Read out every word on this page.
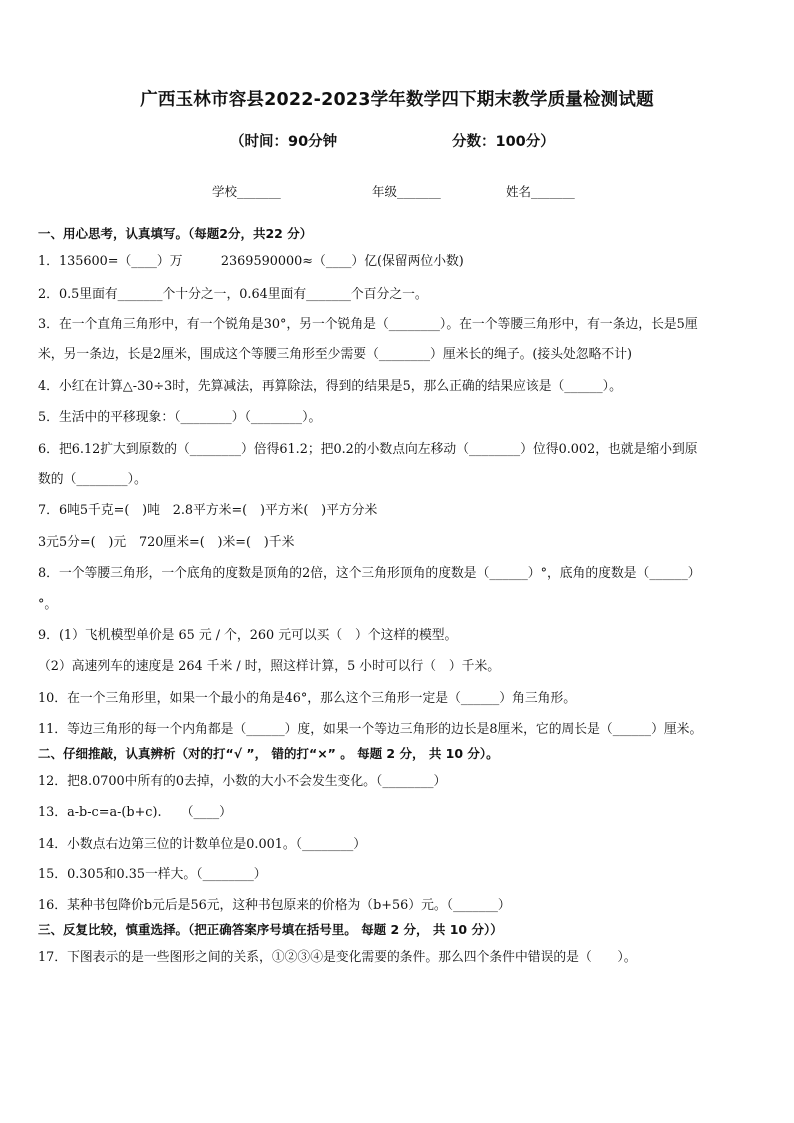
广西玉林市容县2022-2023学年数学四下期末教学质量检测试题
（时间：90分钟	分数：100分）
学校_______	年级_______	姓名_______
一、用心思考，认真填写。（每题2分，共22 分）
1．135600=（____）万　　　2369590000≈（____）亿(保留两位小数)
2．0.5里面有_______个十分之一，0.64里面有_______个百分之一。
3．在一个直角三角形中，有一个锐角是30°，另一个锐角是（________）。在一个等腰三角形中，有一条边，长是5厘
米，另一条边，长是2厘米，围成这个等腰三角形至少需要（________）厘米长的绳子。(接头处忽略不计)
4．小红在计算△-30÷3时，先算减法，再算除法，得到的结果是5，那么正确的结果应该是（______）。
5．生活中的平移现象：（________）（________）。
6．把6.12扩大到原数的（________）倍得61.2；把0.2的小数点向左移动（________）位得0.002，也就是缩小到原
数的（________）。
7．6吨5千克=(　)吨　2.8平方米=(　)平方米(　)平方分米
3元5分=(　)元　720厘米=(　)米=(　)千米
8．一个等腰三角形，一个底角的度数是顶角的2倍，这个三角形顶角的度数是（______）°，底角的度数是（______）
°。
9．(1）飞机模型单价是 65 元 / 个，260 元可以买（　）个这样的模型。
（2）高速列车的速度是 264 千米 / 时，照这样计算，5 小时可以行（　）千米。
10．在一个三角形里，如果一个最小的角是46°，那么这个三角形一定是（______）角三角形。
11．等边三角形的每一个内角都是（______）度，如果一个等边三角形的边长是8厘米，它的周长是（______）厘米。
二、仔细推敲，认真辨析（对的打“√ ”， 错的打“×” 。 每题 2 分， 共 10 分）。
12．把8.0700中所有的0去掉，小数的大小不会发生变化。（________）
13．a-b-c=a-(b+c).　　（____）
14．小数点右边第三位的计数单位是0.001。（________）
15．0.305和0.35一样大。（________）
16．某种书包降价b元后是56元，这种书包原来的价格为（b+56）元。（_______）
三、反复比较，慎重选择。（把正确答案序号填在括号里。 每题 2 分， 共 10 分））
17．下图表示的是一些图形之间的关系，①②③④是变化需要的条件。那么四个条件中错误的是（　　）。
